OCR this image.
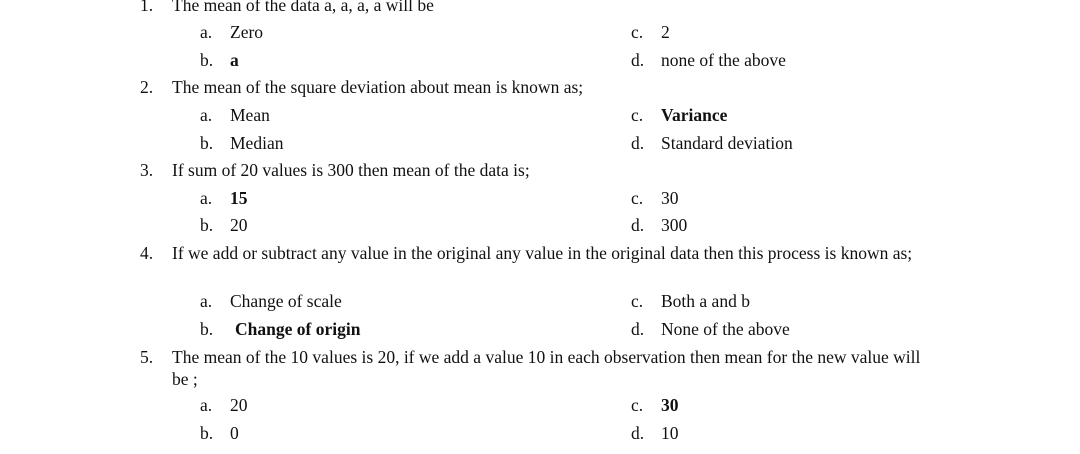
1. The mean of the data a, a, a, a will be
a. Zero
b. a
c. 2
d. none of the above
2. The mean of the square deviation about mean is known as;
a. Mean
b. Median
c. Variance
d. Standard deviation
3. If sum of 20 values is 300 then mean of the data is;
a. 15
b. 20
c. 30
d. 300
4. If we add or subtract any value in the original any value in the original data then this process is known as;
a. Change of scale
b. Change of origin
c. Both a and b
d. None of the above
5. The mean of the 10 values is 20, if we add a value 10 in each observation then mean for the new value will be ;
a. 20
b. 0
c. 30
d. 10
